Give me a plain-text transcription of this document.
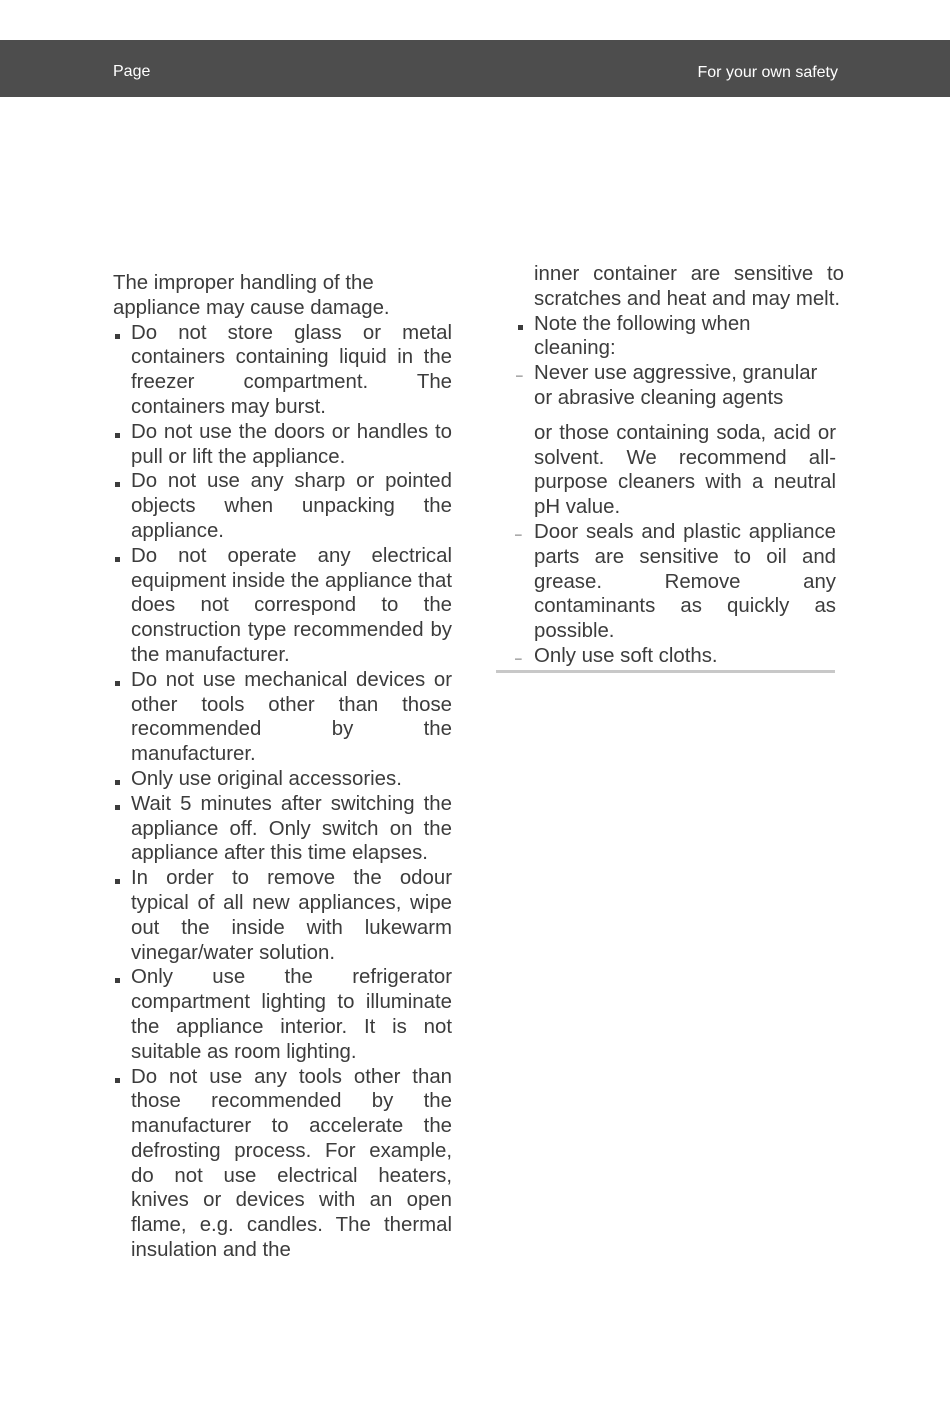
Page	For your own safety

The improper handling of the appliance may cause damage.

Do not store glass or metal containers containing liquid in the freezer compartment. The containers may burst.
Do not use the doors or handles to pull or lift the appliance.
Do not use any sharp or pointed objects when unpacking the appliance.
Do not operate any electrical equipment inside the appliance that does not correspond to the construction type recommended by the manufacturer.
Do not use mechanical devices or other tools other than those recommended by the manufacturer.
Only use original accessories.
Wait 5 minutes after switching the appliance off. Only switch on the appliance after this time elapses.
In order to remove the odour typical of all new appliances, wipe out the inside with lukewarm vinegar/water solution.
Only use the refrigerator compartment lighting to illuminate the appliance interior. It is not suitable as room lighting.
Do not use any tools other than those recommended by the manufacturer to accelerate the defrosting process. For example, do not use electrical heaters, knives or devices with an open flame, e.g. candles. The thermal insulation and the
inner container are sensitive to scratches and heat and may melt.
Note the following when cleaning:
– Never use aggressive, granular or abrasive cleaning agents
or those containing soda, acid or solvent. We recommend all-purpose cleaners with a neutral pH value.
– Door seals and plastic appliance parts are sensitive to oil and grease. Remove any contaminants as quickly as possible.
– Only use soft cloths.
